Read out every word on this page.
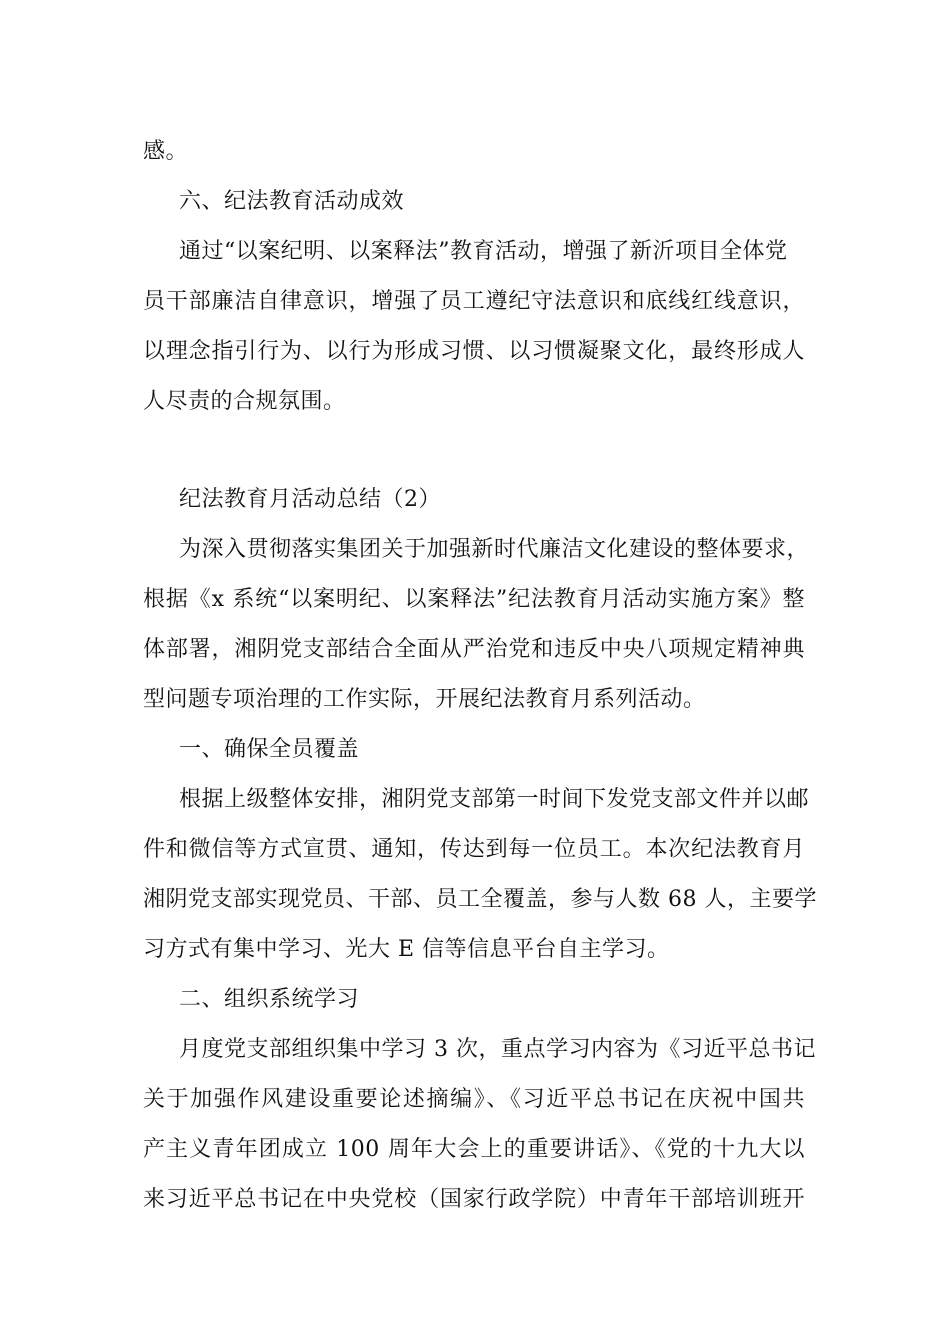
感。
六、纪法教育活动成效
通过“以案纪明、以案释法”教育活动，增强了新沂项目全体党
员干部廉洁自律意识，增强了员工遵纪守法意识和底线红线意识，
以理念指引行为、以行为形成习惯、以习惯凝聚文化，最终形成人
人尽责的合规氛围。
纪法教育月活动总结（2）
为深入贯彻落实集团关于加强新时代廉洁文化建设的整体要求，
根据《x 系统“以案明纪、以案释法”纪法教育月活动实施方案》整
体部署，湘阴党支部结合全面从严治党和违反中央八项规定精神典
型问题专项治理的工作实际，开展纪法教育月系列活动。
一、确保全员覆盖
根据上级整体安排，湘阴党支部第一时间下发党支部文件并以邮
件和微信等方式宣贯、通知，传达到每一位员工。本次纪法教育月
湘阴党支部实现党员、干部、员工全覆盖，参与人数 68 人，主要学
习方式有集中学习、光大 E 信等信息平台自主学习。
二、组织系统学习
月度党支部组织集中学习 3 次，重点学习内容为《习近平总书记
关于加强作风建设重要论述摘编》、《习近平总书记在庆祝中国共
产主义青年团成立 100 周年大会上的重要讲话》、《党的十九大以
来习近平总书记在中央党校（国家行政学院）中青年干部培训班开
